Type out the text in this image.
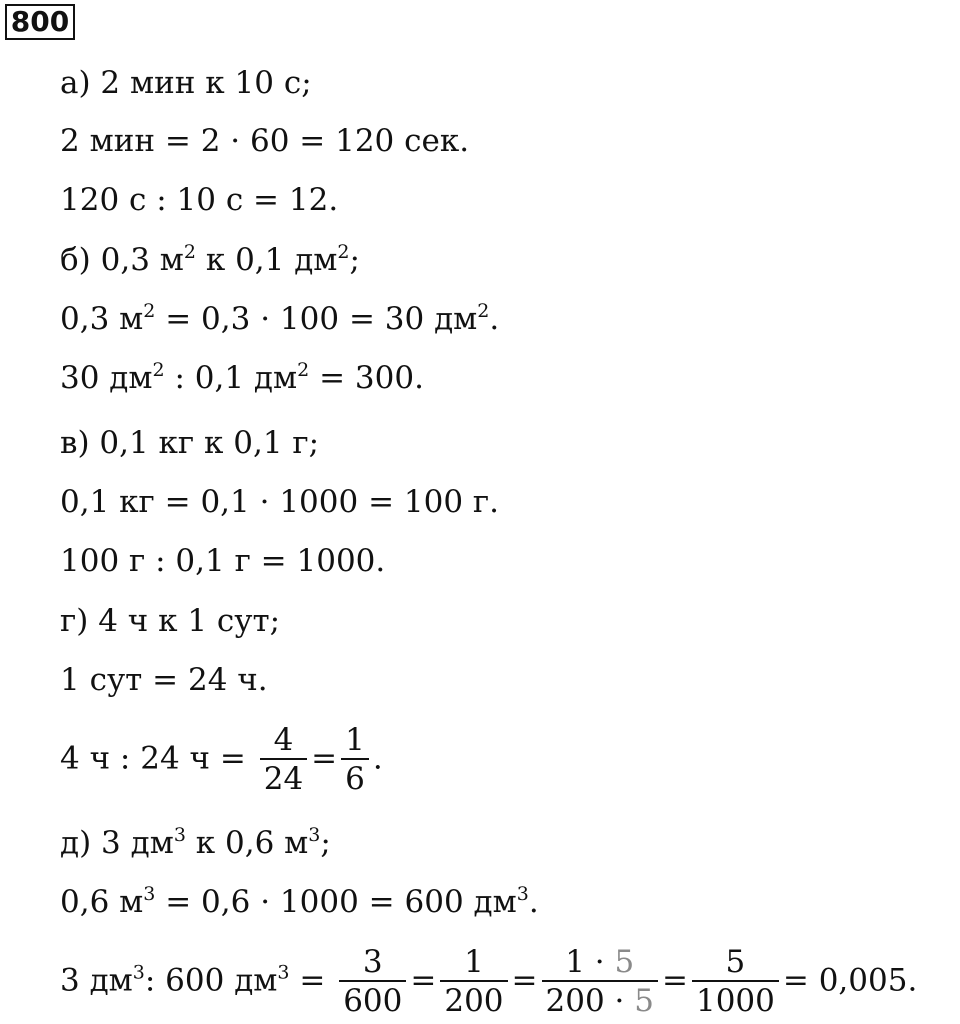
800
а) 2 мин к 10 с;
2 мин = 2 · 60 = 120 сек.
120 с : 10 с = 12.
б) 0,3 $м^2$ к 0,1 $дм^2$;
0,3 $м^2 = 0,3 \cdot 100 = 30$ $дм^2$.
30 $дм^2$ : 0,1 $дм^2 = 300$.
в) 0,1 кг к 0,1 г;
0,1 кг = 0,1 · 1000 = 100 г.
100 г : 0,1 г = 1000.
г) 4 ч к 1 сут;
1 сут = 24 ч.
4 ч : 24 $ч = \frac{4}{24} = \frac{1}{6}$ .
д) 3 $дм^3$ к 0,6 $м^3$;
0,6 $м^3 = 0,6 \cdot 1000 = 600$ $дм^3$.
3 $дм^3$: 600 $дм^3 = \frac{3}{600} = \frac{1}{200} = \frac{1 \cdot 5}{200 \cdot 5} = \frac{5}{1000} = 0,005$.
